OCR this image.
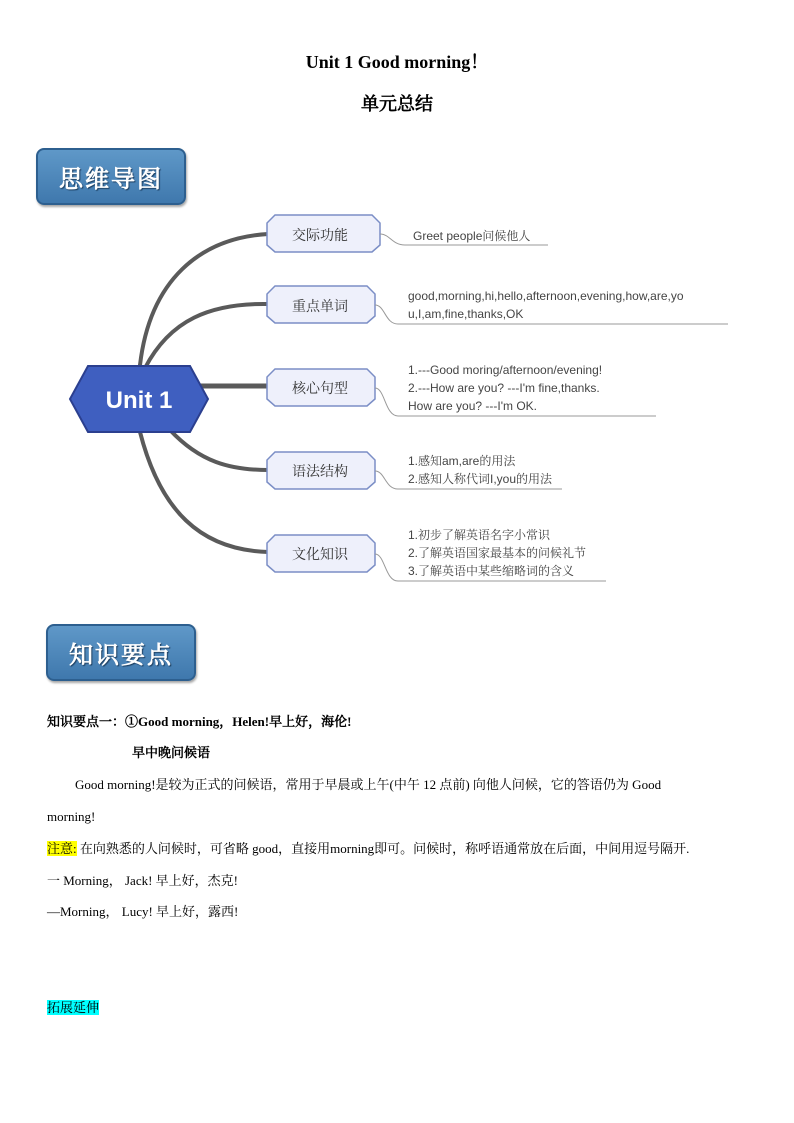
Unit 1 Good morning！
单元总结
思维导图
Unit 1
交际功能	Greet people问候他人
重点单词
good,morning,hi,hello,afternoon,evening,how,are,yo
u,I,am,fine,thanks,OK
核心句型
1.---Good moring/afternoon/evening!
2.---How are you? ---I'm fine,thanks.
How are you? ---I'm OK.
语法结构
1.感知am,are的用法
2.感知人称代词I,you的用法
文化知识
1.初步了解英语名字小常识
2.了解英语国家最基本的问候礼节
3.了解英语中某些缩略词的含义
知识要点
知识要点一：①Good morning，Helen!早上好，海伦!
早中晚问候语
Good morning!是较为正式的问候语，常用于早晨或上午(中午 12 点前) 向他人问候，它的答语仍为 Good
morning!
注意: 在向熟悉的人问候时，可省略 good，直接用morning即可。问候时，称呼语通常放在后面，中间用逗号隔开.
一 Morning， Jack! 早上好，杰克!
—Morning， Lucy! 早上好，露西!
拓展延伸
